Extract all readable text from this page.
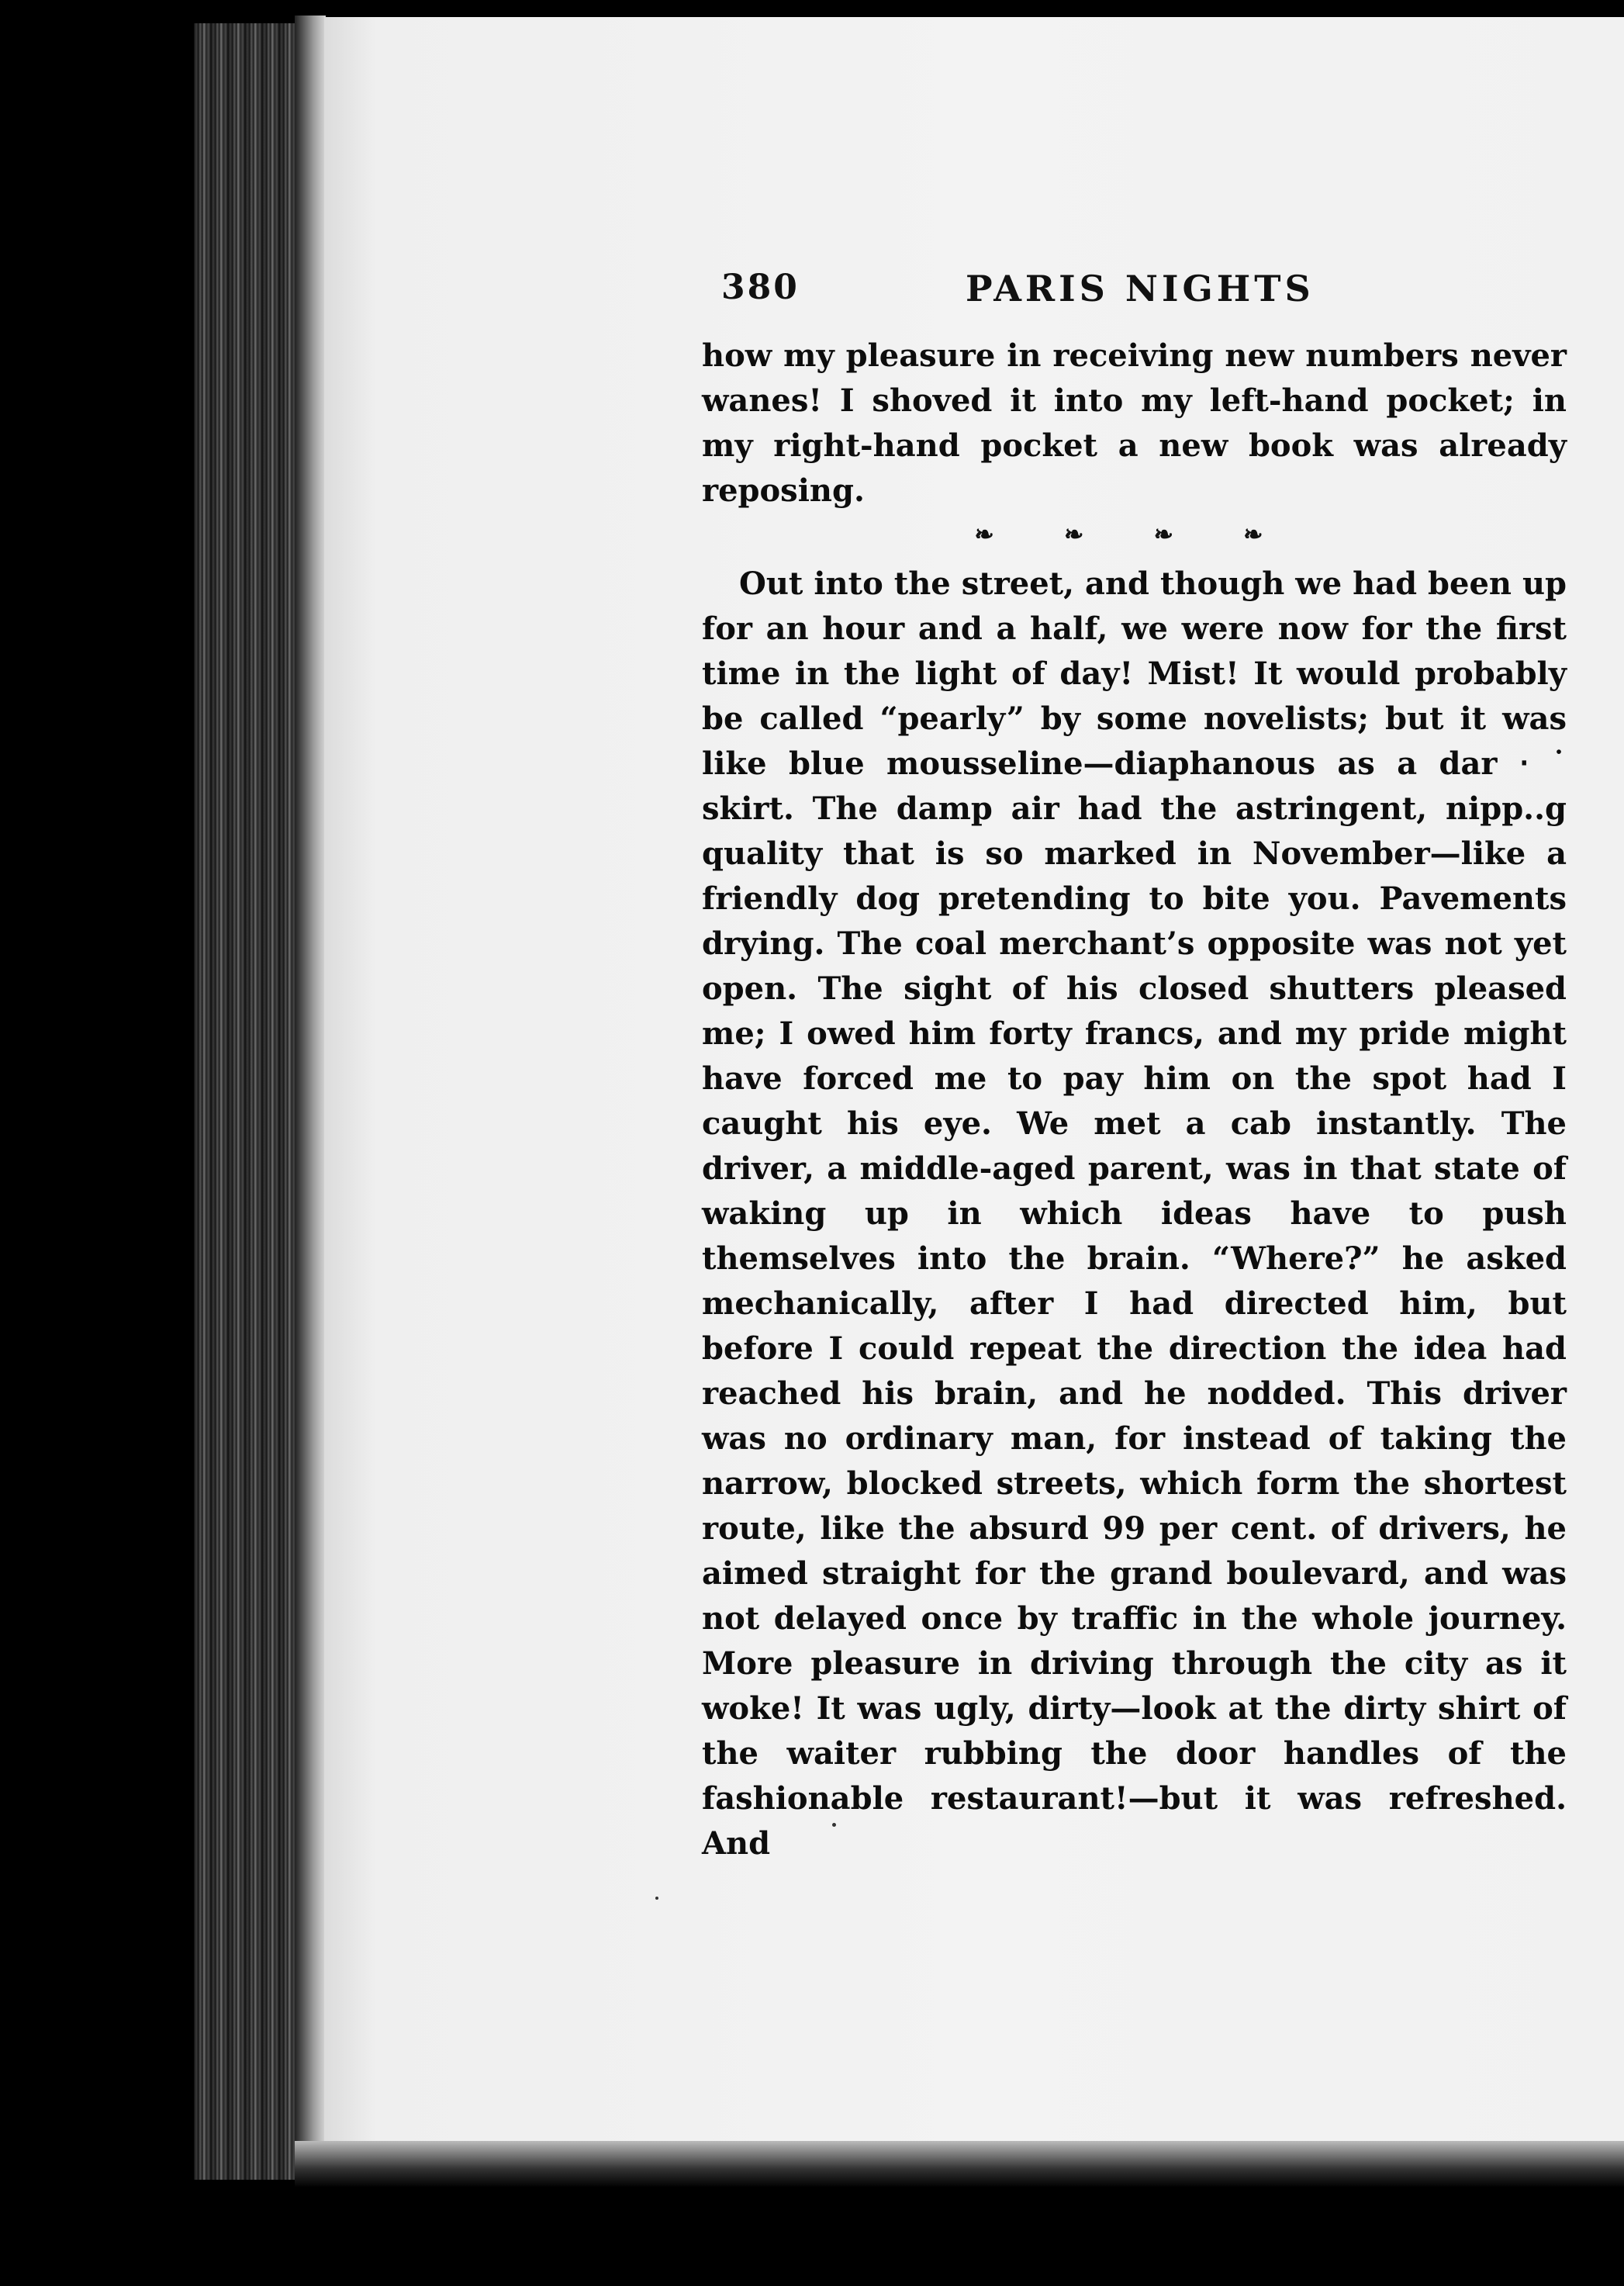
380	PARIS NIGHTS

how my pleasure in receiving new numbers never wanes! I shoved it into my left-hand pocket; in my right-hand pocket a new book was already reposing.

❧ ❧ ❧ ❧

Out into the street, and though we had been up for an hour and a half, we were now for the first time in the light of day! Mist! It would probably be called “pearly” by some novelists; but it was like blue mousseline—diaphanous as a dar ‧ ˙ skirt. The damp air had the astringent, nipp..g quality that is so marked in November—like a friendly dog pretending to bite you. Pavements drying. The coal merchant’s opposite was not yet open. The sight of his closed shutters pleased me; I owed him forty francs, and my pride might have forced me to pay him on the spot had I caught his eye. We met a cab instantly. The driver, a middle-aged parent, was in that state of waking up in which ideas have to push themselves into the brain. “Where?” he asked mechanically, after I had directed him, but before I could repeat the direction the idea had reached his brain, and he nodded. This driver was no ordinary man, for instead of taking the narrow, blocked streets, which form the shortest route, like the absurd 99 per cent. of drivers, he aimed straight for the grand boulevard, and was not delayed once by traffic in the whole journey. More pleasure in driving through the city as it woke! It was ugly, dirty—look at the dirty shirt of the waiter rubbing the door handles of the fashionable restaurant!—but it was refreshed. And
